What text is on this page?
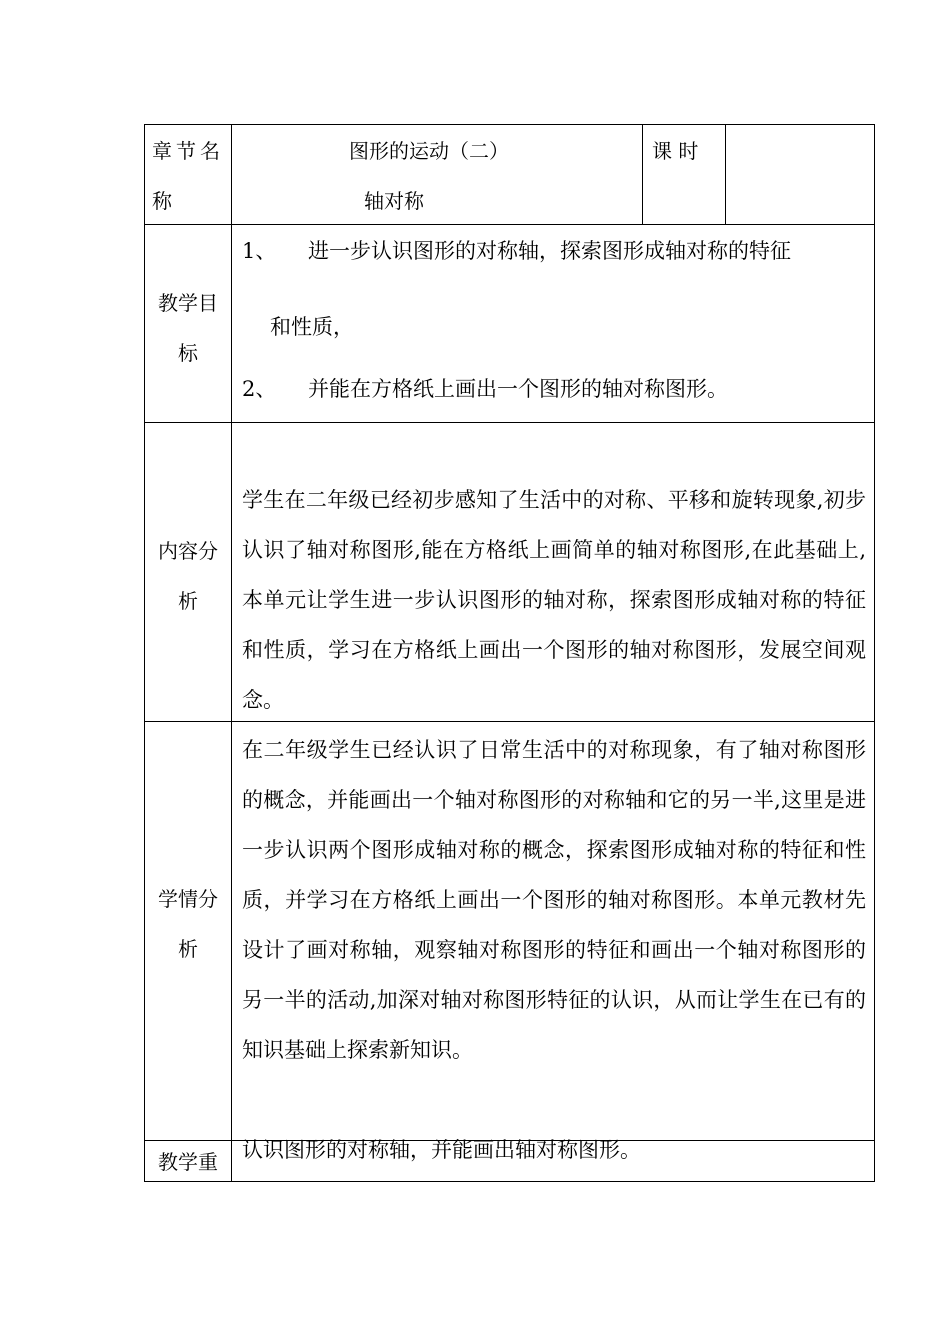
章节名
称
图形的运动（二）
轴对称
课 时
教学目
标
1、 进一步认识图形的对称轴，探索图形成轴对称的特征
和性质，
2、 并能在方格纸上画出一个图形的轴对称图形。
内容分
析
学生在二年级已经初步感知了生活中的对称、平移和旋转现象,初步认识了轴对称图形,能在方格纸上画简单的轴对称图形,在此基础上,本单元让学生进一步认识图形的轴对称，探索图形成轴对称的特征和性质，学习在方格纸上画出一个图形的轴对称图形，发展空间观念。
学情分
析
在二年级学生已经认识了日常生活中的对称现象，有了轴对称图形的概念，并能画出一个轴对称图形的对称轴和它的另一半,这里是进一步认识两个图形成轴对称的概念，探索图形成轴对称的特征和性质，并学习在方格纸上画出一个图形的轴对称图形。本单元教材先设计了画对称轴，观察轴对称图形的特征和画出一个轴对称图形的另一半的活动,加深对轴对称图形特征的认识，从而让学生在已有的知识基础上探索新知识。
教学重	认识图形的对称轴，并能画出轴对称图形。
